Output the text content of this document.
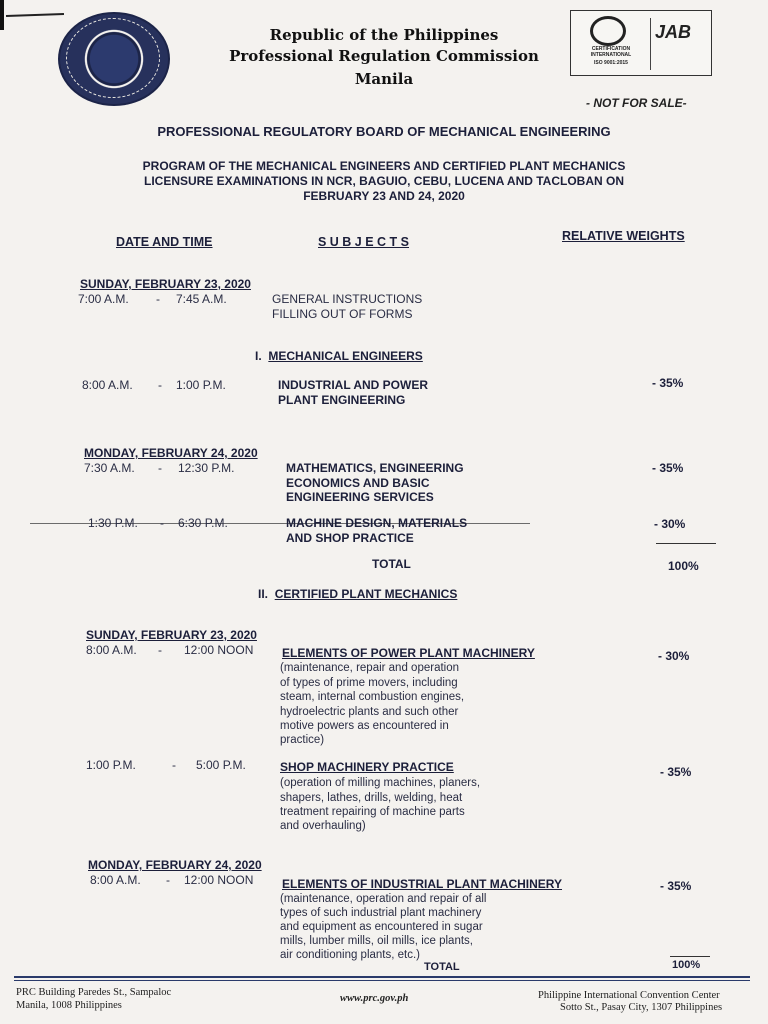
Republic of the Philippines
Professional Regulation Commission
Manila
CERTIFICATION INTERNATIONAL
ISO 9001:2015
JAB
- NOT FOR SALE-
PROFESSIONAL REGULATORY BOARD OF MECHANICAL ENGINEERING
PROGRAM OF THE MECHANICAL ENGINEERS AND CERTIFIED PLANT MECHANICS
LICENSURE EXAMINATIONS IN NCR, BAGUIO, CEBU, LUCENA AND TACLOBAN ON
FEBRUARY 23 AND 24, 2020
DATE AND TIME	S U B J E C T S	RELATIVE WEIGHTS
SUNDAY, FEBRUARY 23, 2020
7:00 A.M. - 7:45 A.M.	GENERAL INSTRUCTIONS
FILLING OUT OF FORMS
I. MECHANICAL ENGINEERS
8:00 A.M. - 1:00 P.M.	INDUSTRIAL AND POWER
PLANT ENGINEERING
- 35%
MONDAY, FEBRUARY 24, 2020
7:30 A.M. - 12:30 P.M.	MATHEMATICS, ENGINEERING
ECONOMICS AND BASIC
ENGINEERING SERVICES
- 35%
1:30 P.M. - 6:30 P.M.	MACHINE DESIGN, MATERIALS
AND SHOP PRACTICE
- 30%
TOTAL	100%
II. CERTIFIED PLANT MECHANICS
SUNDAY, FEBRUARY 23, 2020
8:00 A.M. - 12:00 NOON ELEMENTS OF POWER PLANT MACHINERY
(maintenance, repair and operation
of types of prime movers, including
steam, internal combustion engines,
hydroelectric plants and such other
motive powers as encountered in
practice)
- 30%
1:00 P.M.	- 5:00 P.M.	SHOP MACHINERY PRACTICE
(operation of milling machines, planers,
shapers, lathes, drills, welding, heat
treatment repairing of machine parts
and overhauling)
- 35%
MONDAY, FEBRUARY 24, 2020
8:00 A.M. - 12:00 NOON ELEMENTS OF INDUSTRIAL PLANT MACHINERY
(maintenance, operation and repair of all
types of such industrial plant machinery
and equipment as encountered in sugar
mills, lumber mills, oil mills, ice plants,
air conditioning plants, etc.)
- 35%
TOTAL	100%
PRC Building Paredes St., Sampaloc
Manila, 1008 Philippines
www.prc.gov.ph	Philippine International Convention Center
Sotto St., Pasay City, 1307 Philippines
